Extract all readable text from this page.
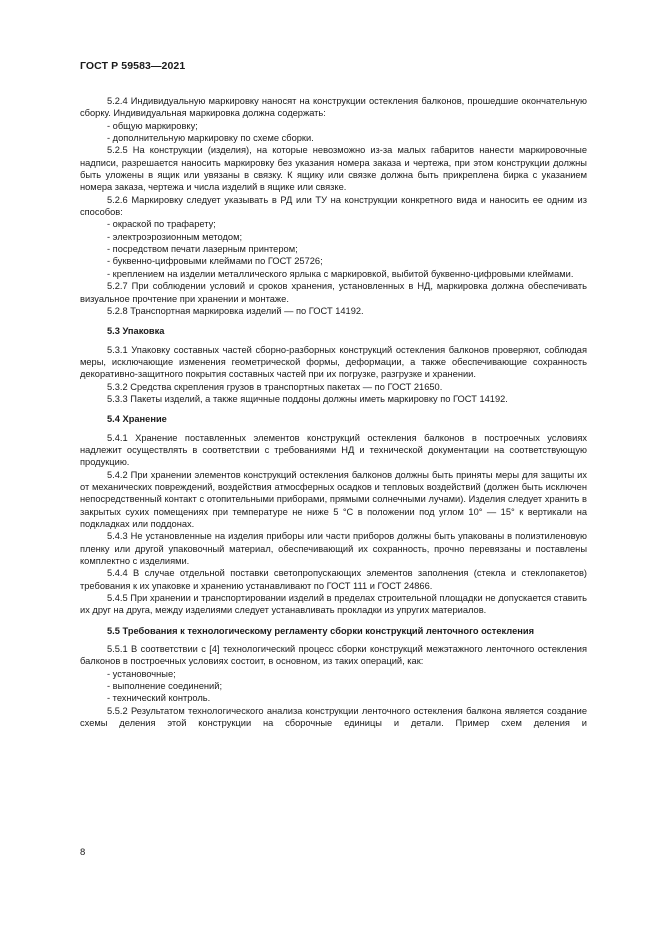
ГОСТ Р 59583—2021

5.2.4 Индивидуальную маркировку наносят на конструкции остекления балконов, прошедшие окончательную сборку. Индивидуальная маркировка должна содержать:

- общую маркировку;

- дополнительную маркировку по схеме сборки.

5.2.5 На конструкции (изделия), на которые невозможно из-за малых габаритов нанести маркировочные надписи, разрешается наносить маркировку без указания номера заказа и чертежа, при этом конструкции должны быть уложены в ящик или увязаны в связку. К ящику или связке должна быть прикреплена бирка с указанием номера заказа, чертежа и числа изделий в ящике или связке.

5.2.6 Маркировку следует указывать в РД или ТУ на конструкции конкретного вида и наносить ее одним из способов:

- окраской по трафарету;

- электроэрозионным методом;

- посредством печати лазерным принтером;

- буквенно-цифровыми клеймами по ГОСТ 25726;

- креплением на изделии металлического ярлыка с маркировкой, выбитой буквенно-цифровыми клеймами.

5.2.7 При соблюдении условий и сроков хранения, установленных в НД, маркировка должна обеспечивать визуальное прочтение при хранении и монтаже.

5.2.8 Транспортная маркировка изделий — по ГОСТ 14192.

5.3 Упаковка

5.3.1 Упаковку составных частей сборно-разборных конструкций остекления балконов проверяют, соблюдая меры, исключающие изменения геометрической формы, деформации, а также обеспечивающие сохранность декоративно-защитного покрытия составных частей при их погрузке, разгрузке и хранении.

5.3.2 Средства скрепления грузов в транспортных пакетах — по ГОСТ 21650.

5.3.3 Пакеты изделий, а также ящичные поддоны должны иметь маркировку по ГОСТ 14192.

5.4 Хранение

5.4.1 Хранение поставленных элементов конструкций остекления балконов в построечных условиях надлежит осуществлять в соответствии с требованиями НД и технической документации на соответствующую продукцию.

5.4.2 При хранении элементов конструкций остекления балконов должны быть приняты меры для защиты их от механических повреждений, воздействия атмосферных осадков и тепловых воздействий (должен быть исключен непосредственный контакт с отопительными приборами, прямыми солнечными лучами). Изделия следует хранить в закрытых сухих помещениях при температуре не ниже 5 °С в положении под углом 10° — 15° к вертикали на подкладках или поддонах.

5.4.3 Не установленные на изделия приборы или части приборов должны быть упакованы в полиэтиленовую пленку или другой упаковочный материал, обеспечивающий их сохранность, прочно перевязаны и поставлены комплектно с изделиями.

5.4.4 В случае отдельной поставки светопропускающих элементов заполнения (стекла и стеклопакетов) требования к их упаковке и хранению устанавливают по ГОСТ 111 и ГОСТ 24866.

5.4.5 При хранении и транспортировании изделий в пределах строительной площадки не допускается ставить их друг на друга, между изделиями следует устанавливать прокладки из упругих материалов.

5.5 Требования к технологическому регламенту сборки конструкций ленточного остекления

5.5.1 В соответствии с [4] технологический процесс сборки конструкций межэтажного ленточного остекления балконов в построечных условиях состоит, в основном, из таких операций, как:

- установочные;

- выполнение соединений;

- технический контроль.

5.5.2 Результатом технологического анализа конструкции ленточного остекления балкона является создание схемы деления этой конструкции на сборочные единицы и детали. Пример схем деления и

8
